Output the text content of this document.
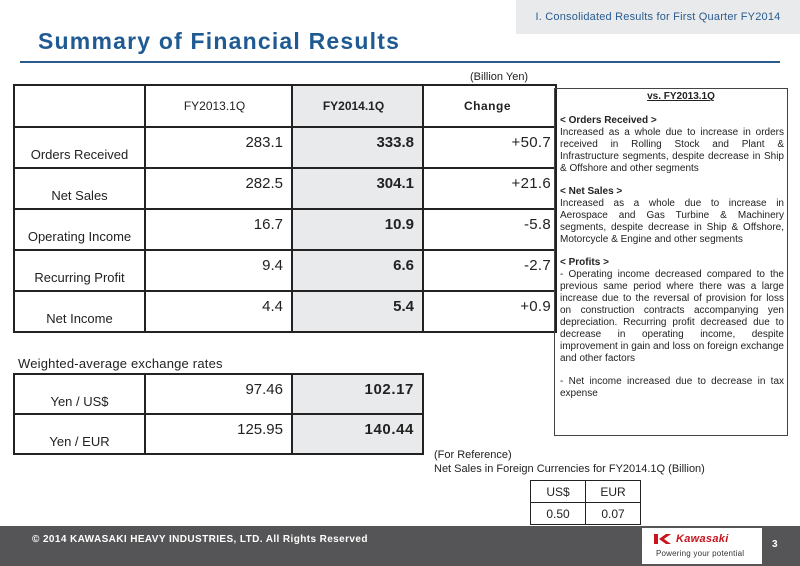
I. Consolidated Results for First Quarter FY2014
Summary of Financial Results
(Billion Yen)
	FY2013.1Q	FY2014.1Q	Change
Orders Received	283.1	333.8	+50.7
Net Sales	282.5	304.1	+21.6
Operating Income	16.7	10.9	-5.8
Recurring Profit	9.4	6.6	-2.7
Net Income	4.4	5.4	+0.9
Weighted-average exchange rates
Yen / US$	97.46	102.17
Yen / EUR	125.95	140.44
vs. FY2013.1Q
< Orders Received >
Increased as a whole due to increase in orders received in Rolling Stock and Plant & Infrastructure segments, despite decrease in Ship & Offshore and other segments
< Net Sales >
Increased as a whole due to increase in Aerospace and Gas Turbine & Machinery segments, despite decrease in Ship & Offshore, Motorcycle & Engine and other segments
< Profits >
- Operating income decreased compared to the previous same period where there was a large increase due to the reversal of provision for loss on construction contracts accompanying yen depreciation. Recurring profit decreased due to decrease in operating income, despite improvement in gain and loss on foreign exchange and other factors
- Net income increased due to decrease in tax expense
(For Reference)
Net Sales in Foreign Currencies for FY2014.1Q (Billion)
US$	EUR
0.50	0.07
© 2014 KAWASAKI HEAVY INDUSTRIES, LTD. All Rights Reserved	Kawasaki
Powering your potential
3
